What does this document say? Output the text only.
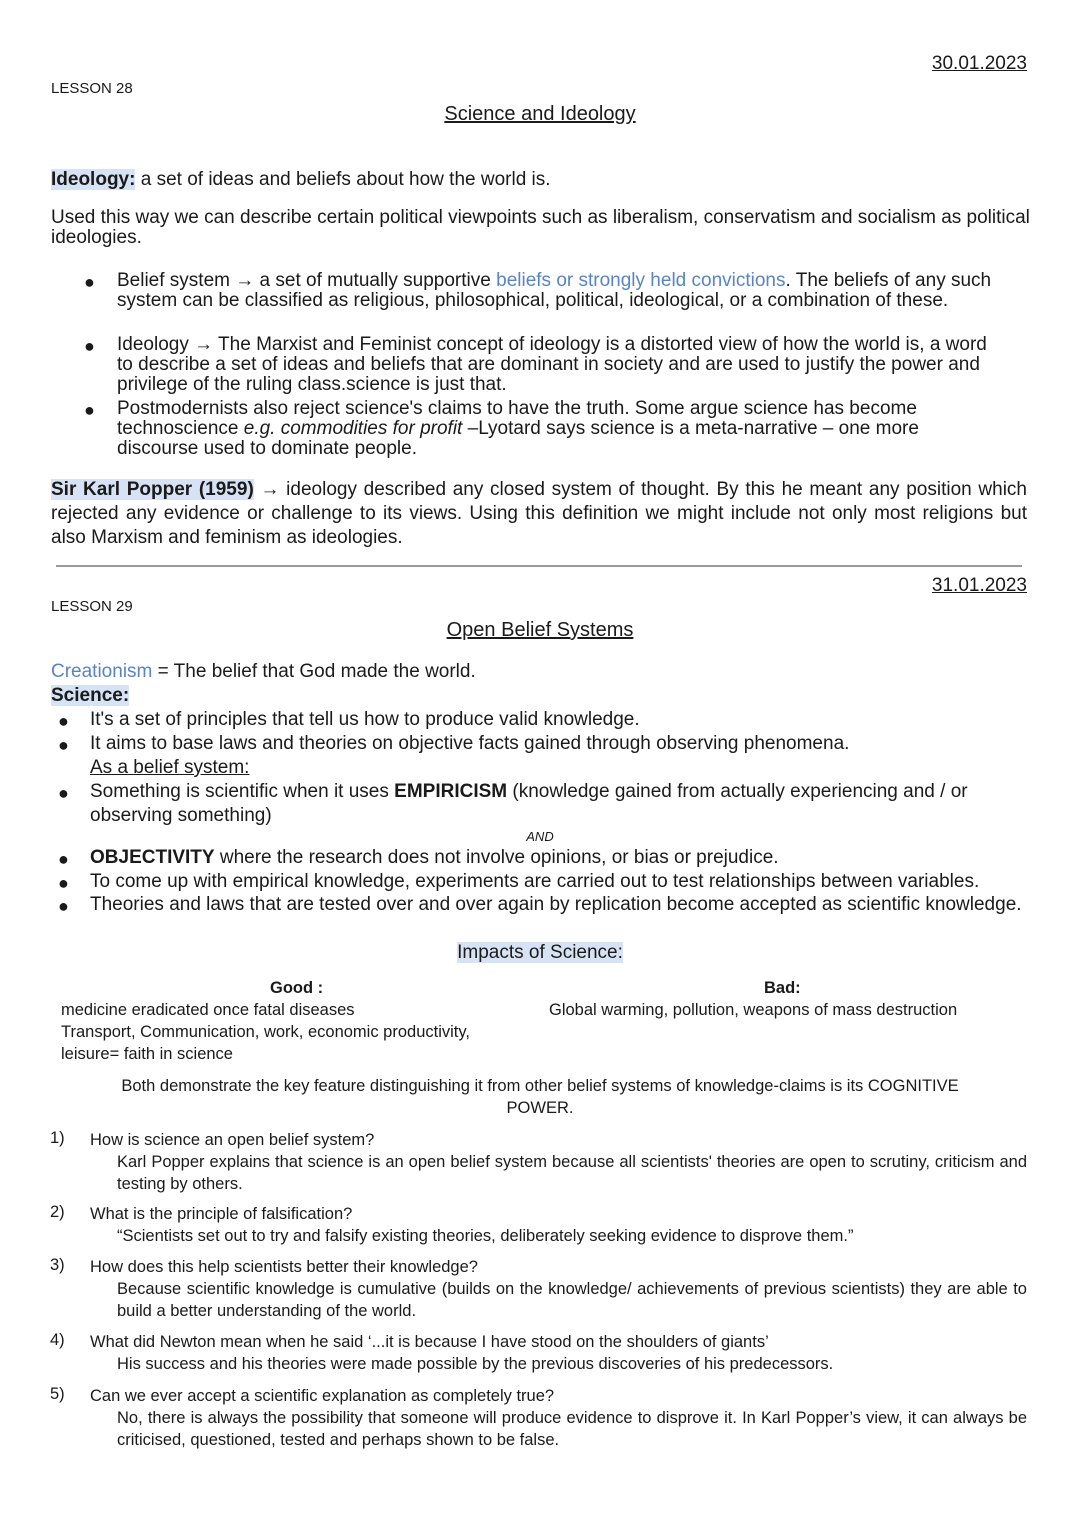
30.01.2023
LESSON 28
Science and Ideology
Ideology: a set of ideas and beliefs about how the world is.
Used this way we can describe certain political viewpoints such as liberalism, conservatism and socialism as political ideologies.
● Belief system → a set of mutually supportive beliefs or strongly held convictions. The beliefs of any such system can be classified as religious, philosophical, political, ideological, or a combination of these.
● Ideology → The Marxist and Feminist concept of ideology is a distorted view of how the world is, a word to describe a set of ideas and beliefs that are dominant in society and are used to justify the power and privilege of the ruling class.science is just that.
● Postmodernists also reject science's claims to have the truth. Some argue science has become technoscience e.g. commodities for profit –Lyotard says science is a meta-narrative – one more discourse used to dominate people.
Sir Karl Popper (1959) → ideology described any closed system of thought. By this he meant any position which rejected any evidence or challenge to its views. Using this definition we might include not only most religions but also Marxism and feminism as ideologies.
31.01.2023
LESSON 29
Open Belief Systems
Creationism = The belief that God made the world.
Science:
● It's a set of principles that tell us how to produce valid knowledge.
● It aims to base laws and theories on objective facts gained through observing phenomena.
As a belief system:
● Something is scientific when it uses EMPIRICISM (knowledge gained from actually experiencing and / or observing something)
AND
● OBJECTIVITY where the research does not involve opinions, or bias or prejudice.
● To come up with empirical knowledge, experiments are carried out to test relationships between variables.
● Theories and laws that are tested over and over again by replication become accepted as scientific knowledge.
Impacts of Science:
Good :
medicine eradicated once fatal diseases
Transport, Communication, work, economic productivity,
leisure= faith in science
Bad:
Global warming, pollution, weapons of mass destruction
Both demonstrate the key feature distinguishing it from other belief systems of knowledge-claims is its COGNITIVE
POWER.
1) How is science an open belief system?
Karl Popper explains that science is an open belief system because all scientists' theories are open to scrutiny, criticism and testing by others.
2) What is the principle of falsification?
“Scientists set out to try and falsify existing theories, deliberately seeking evidence to disprove them.”
3) How does this help scientists better their knowledge?
Because scientific knowledge is cumulative (builds on the knowledge/ achievements of previous scientists) they are able to build a better understanding of the world.
4) What did Newton mean when he said ‘...it is because I have stood on the shoulders of giants’
His success and his theories were made possible by the previous discoveries of his predecessors.
5) Can we ever accept a scientific explanation as completely true?
No, there is always the possibility that someone will produce evidence to disprove it. In Karl Popper’s view, it can always be criticised, questioned, tested and perhaps shown to be false.
